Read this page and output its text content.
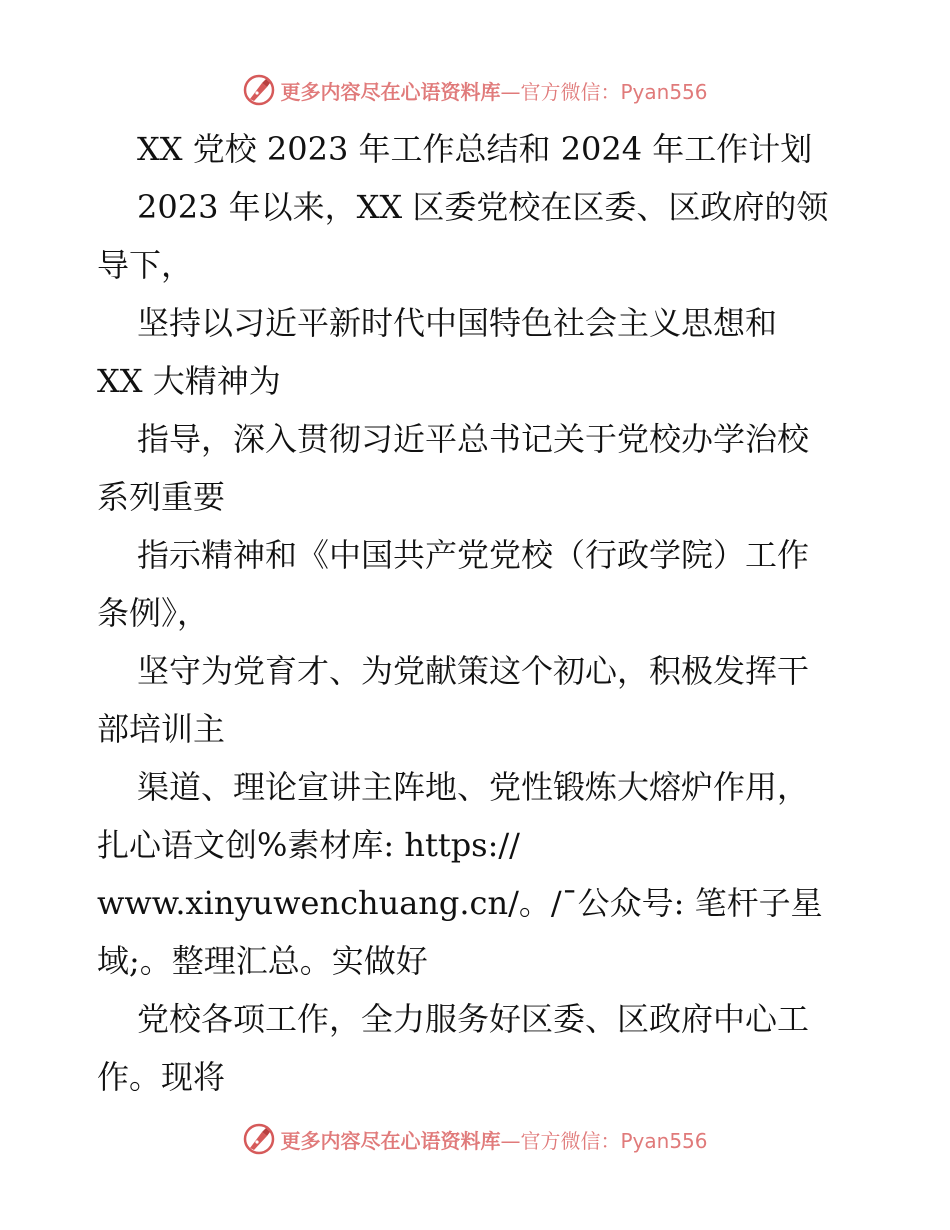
更多内容尽在心语资料库—官方微信：Pyan556
XX 党校 2023 年工作总结和 2024 年工作计划
2023 年以来，XX 区委党校在区委、区政府的领
导下，
坚持以习近平新时代中国特色社会主义思想和
XX 大精神为
指导，深入贯彻习近平总书记关于党校办学治校
系列重要
指示精神和《中国共产党党校（行政学院）工作
条例》，
坚守为党育才、为党献策这个初心，积极发挥干
部培训主
渠道、理论宣讲主阵地、党性锻炼大熔炉作用，
扎心语文创%素材库: https://
www.xinyuwenchuang.cn/。/¯公众号: 笔杆子星
域;。整理汇总。实做好
党校各项工作，全力服务好区委、区政府中心工
作。现将
更多内容尽在心语资料库—官方微信：Pyan556
